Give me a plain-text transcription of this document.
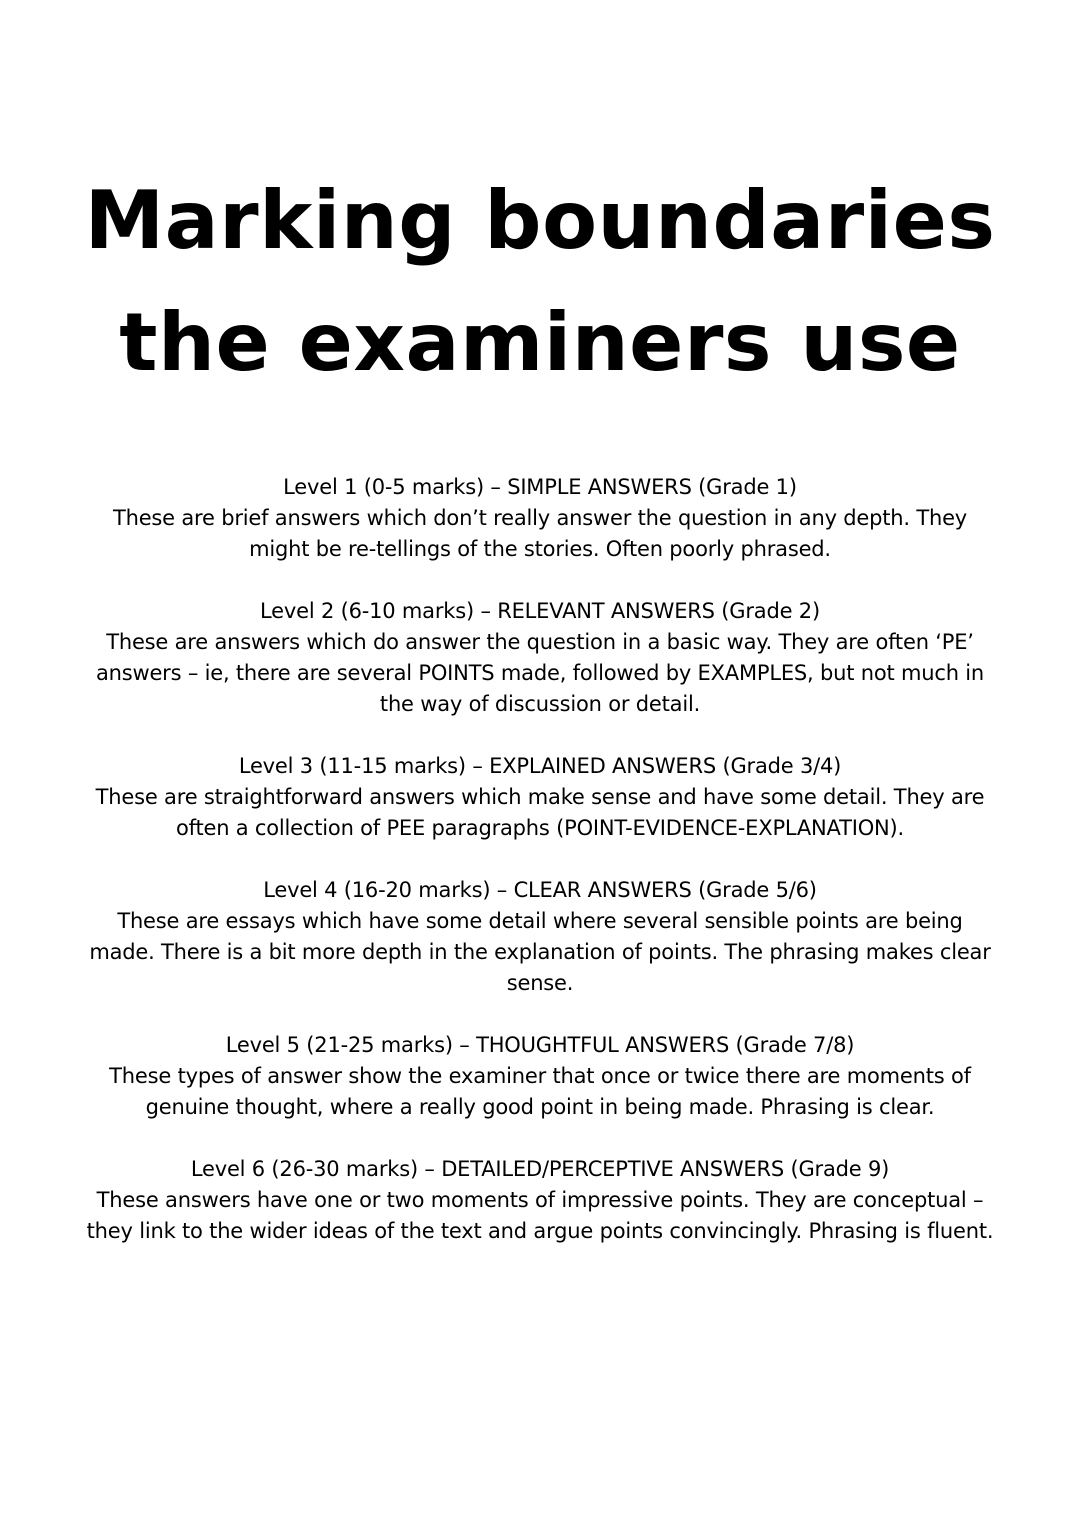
Marking boundaries
the examiners use
Level 1 (0-5 marks) – SIMPLE ANSWERS (Grade 1)
These are brief answers which don’t really answer the question in any depth. They
might be re-tellings of the stories. Often poorly phrased.
Level 2 (6-10 marks) – RELEVANT ANSWERS (Grade 2)
These are answers which do answer the question in a basic way. They are often ‘PE’
answers – ie, there are several POINTS made, followed by EXAMPLES, but not much in
the way of discussion or detail.
Level 3 (11-15 marks) – EXPLAINED ANSWERS (Grade 3/4)
These are straightforward answers which make sense and have some detail. They are
often a collection of PEE paragraphs (POINT-EVIDENCE-EXPLANATION).
Level 4 (16-20 marks) – CLEAR ANSWERS (Grade 5/6)
These are essays which have some detail where several sensible points are being
made. There is a bit more depth in the explanation of points. The phrasing makes clear
sense.
Level 5 (21-25 marks) – THOUGHTFUL ANSWERS (Grade 7/8)
These types of answer show the examiner that once or twice there are moments of
genuine thought, where a really good point in being made. Phrasing is clear.
Level 6 (26-30 marks) – DETAILED/PERCEPTIVE ANSWERS (Grade 9)
These answers have one or two moments of impressive points. They are conceptual –
they link to the wider ideas of the text and argue points convincingly. Phrasing is fluent.
